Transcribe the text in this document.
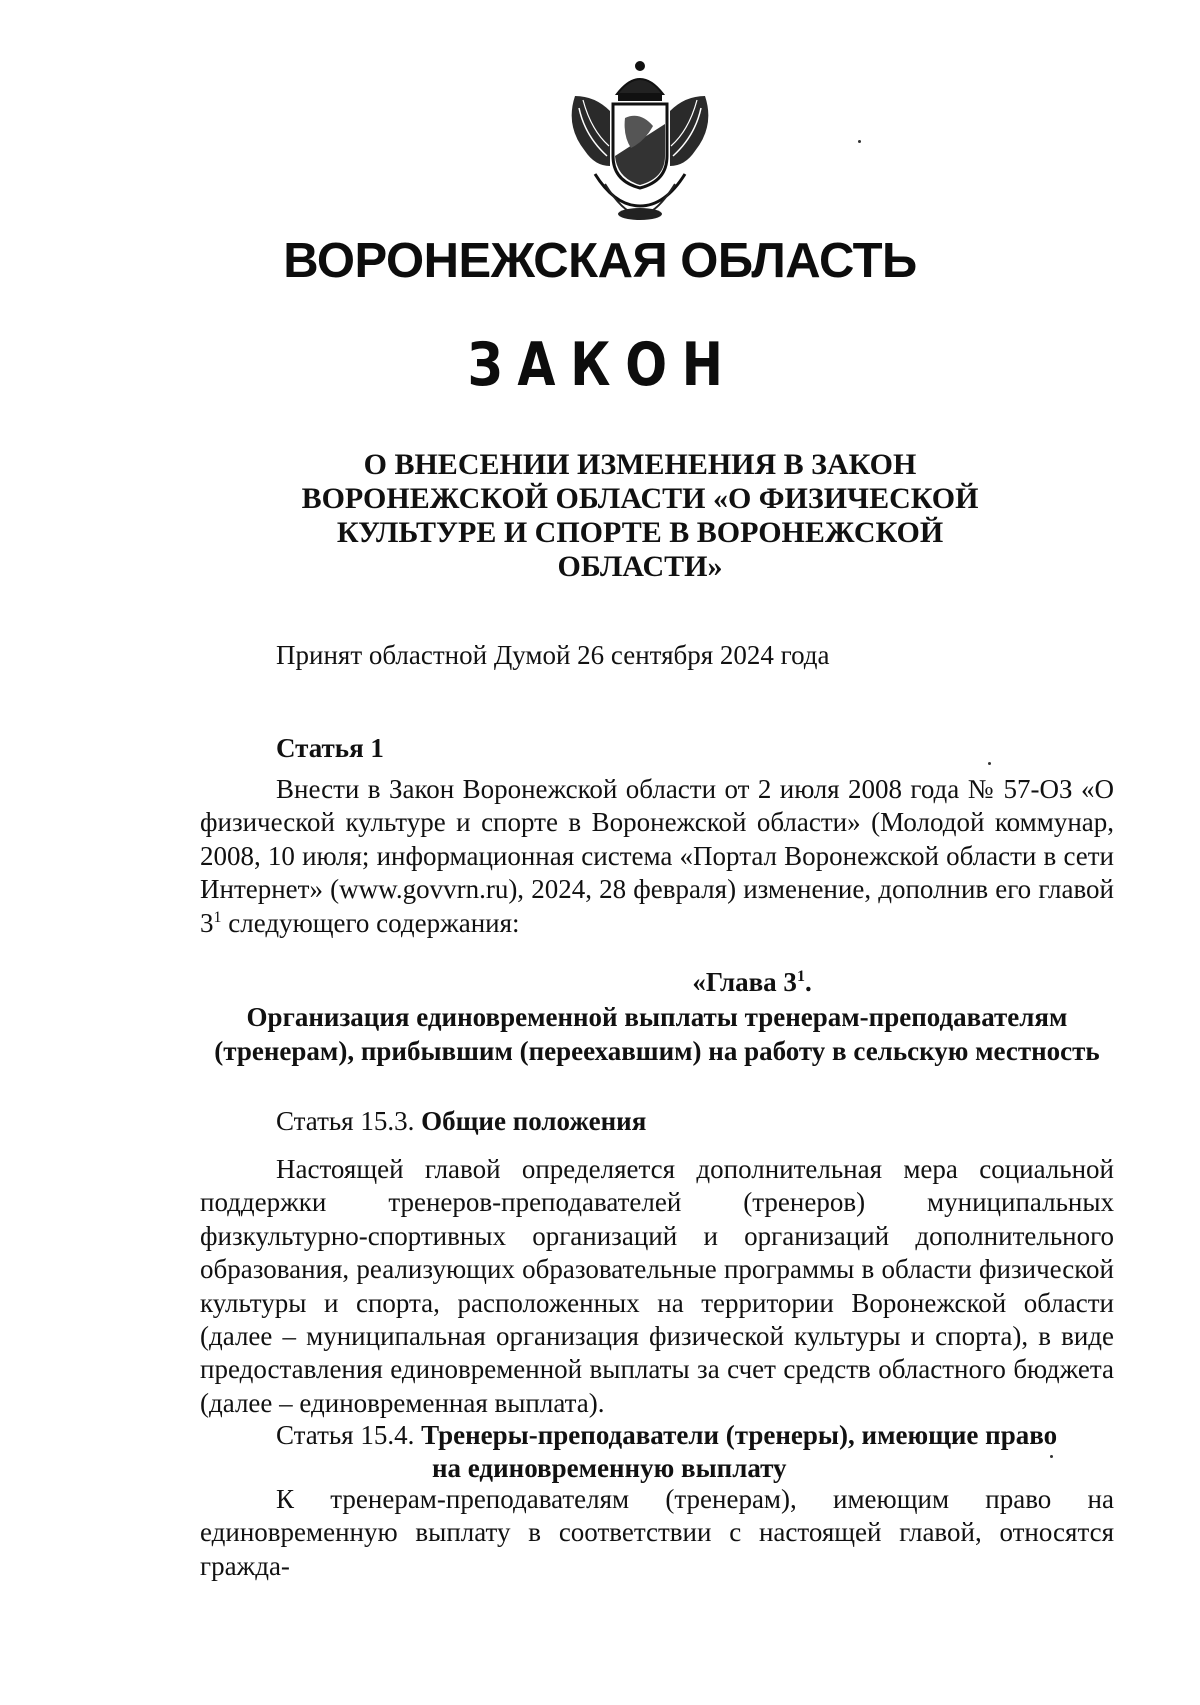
ВОРОНЕЖСКАЯ ОБЛАСТЬ
ЗАКОН
О ВНЕСЕНИИ ИЗМЕНЕНИЯ В ЗАКОН ВОРОНЕЖСКОЙ ОБЛАСТИ «О ФИЗИЧЕСКОЙ КУЛЬТУРЕ И СПОРТЕ В ВОРОНЕЖСКОЙ ОБЛАСТИ»
Принят областной Думой 26 сентября 2024 года
Статья 1
Внести в Закон Воронежской области от 2 июля 2008 года № 57-ОЗ «О физической культуре и спорте в Воронежской области» (Молодой коммунар, 2008, 10 июля; информационная система «Портал Воронежской области в сети Интернет» (www.govvrn.ru), 2024, 28 февраля) изменение, дополнив его главой $3^1$ следующего содержания:
«Глава $3^1$.
Организация единовременной выплаты тренерам-преподавателям (тренерам), прибывшим (переехавшим) на работу в сельскую местность
Статья 15.3. Общие положения
Настоящей главой определяется дополнительная мера социальной поддержки тренеров-преподавателей (тренеров) муниципальных физкультурно-спортивных организаций и организаций дополнительного образования, реализующих образовательные программы в области физической культуры и спорта, расположенных на территории Воронежской области (далее – муниципальная организация физической культуры и спорта), в виде предоставления единовременной выплаты за счет средств областного бюджета (далее – единовременная выплата).
Статья 15.4. Тренеры-преподаватели (тренеры), имеющие право
на единовременную выплату
К тренерам-преподавателям (тренерам), имеющим право на единовременную выплату в соответствии с настоящей главой, относятся гражда-
